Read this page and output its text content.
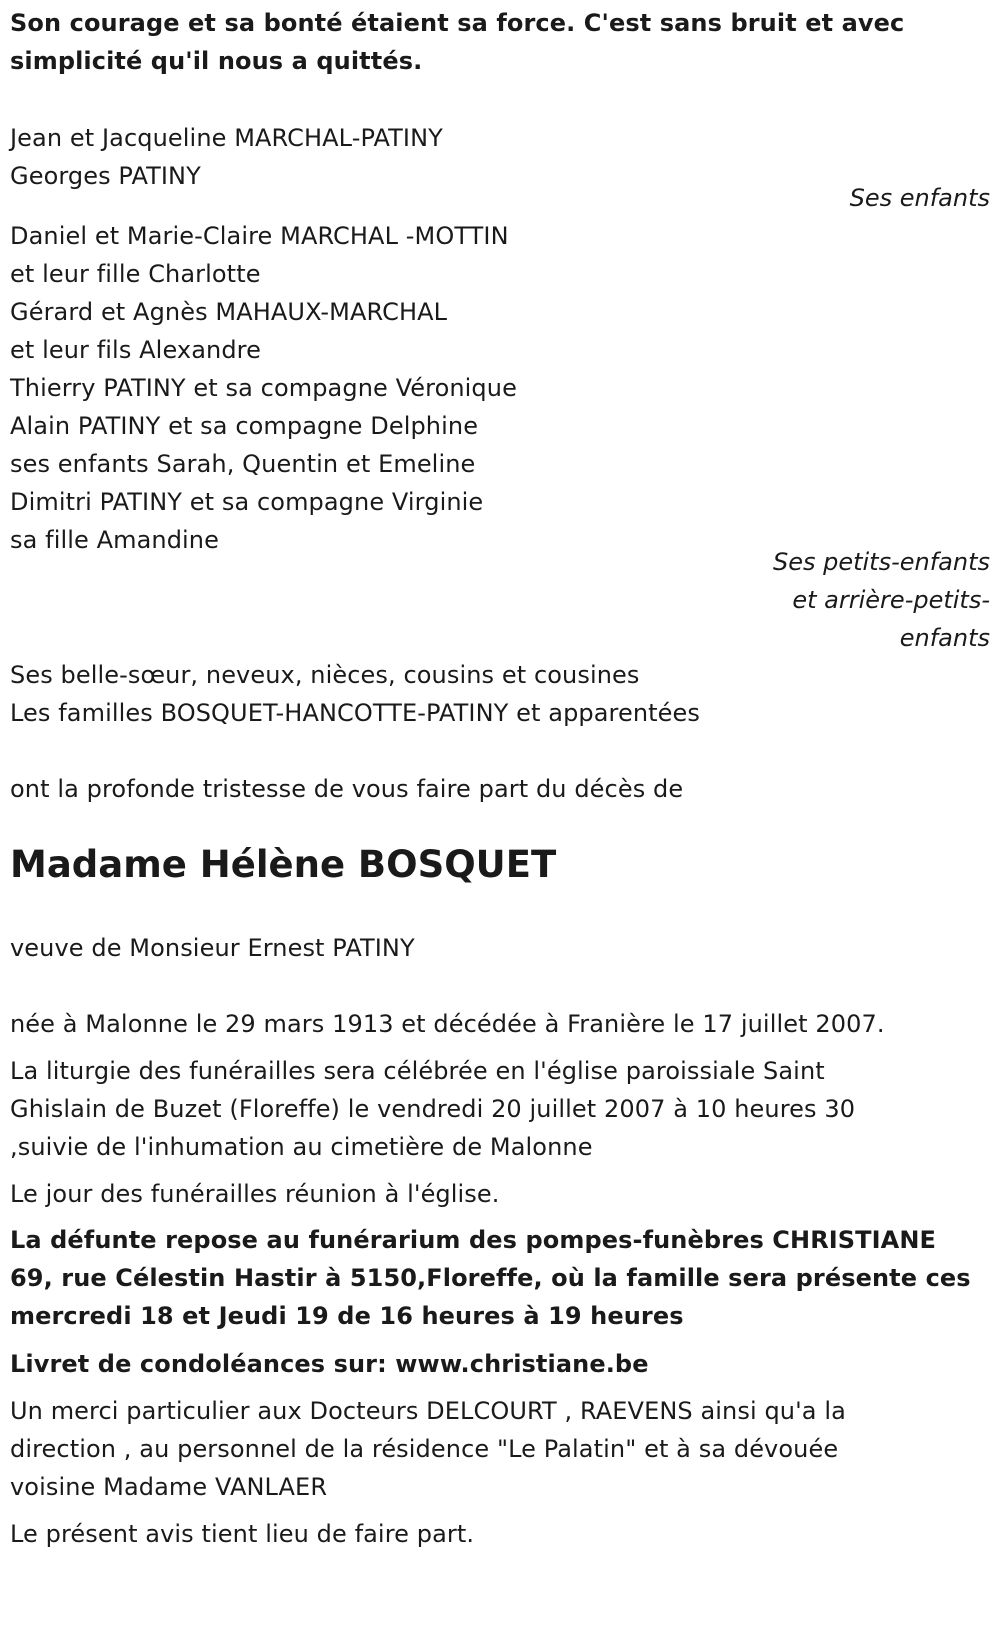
Son courage et sa bonté étaient sa force. C'est sans bruit et avec
simplicité qu'il nous a quittés.

Jean et Jacqueline MARCHAL-PATINY
Georges PATINY

Ses enfants

Daniel et Marie-Claire MARCHAL -MOTTIN
et leur fille Charlotte
Gérard et Agnès MAHAUX-MARCHAL
et leur fils Alexandre
Thierry PATINY et sa compagne Véronique
Alain PATINY et sa compagne Delphine
ses enfants Sarah, Quentin et Emeline
Dimitri PATINY et sa compagne Virginie
sa fille Amandine

Ses petits-enfants
et arrière-petits-
enfants

Ses belle-sœur, neveux, nièces, cousins et cousines
Les familles BOSQUET-HANCOTTE-PATINY et apparentées

ont la profonde tristesse de vous faire part du décès de

Madame Hélène BOSQUET

veuve de Monsieur Ernest PATINY

née à Malonne le 29 mars 1913 et décédée à Franière le 17 juillet 2007.

La liturgie des funérailles sera célébrée en l'église paroissiale Saint
Ghislain de Buzet (Floreffe) le vendredi 20 juillet 2007 à 10 heures 30
,suivie de l'inhumation au cimetière de Malonne

Le jour des funérailles réunion à l'église.

La défunte repose au funérarium des pompes-funèbres CHRISTIANE
69, rue Célestin Hastir à 5150,Floreffe, où la famille sera présente ces
mercredi 18 et Jeudi 19 de 16 heures à 19 heures

Livret de condoléances sur: www.christiane.be

Un merci particulier aux Docteurs DELCOURT , RAEVENS ainsi qu'a la
direction , au personnel de la résidence "Le Palatin" et à sa dévouée
voisine Madame VANLAER

Le présent avis tient lieu de faire part.
